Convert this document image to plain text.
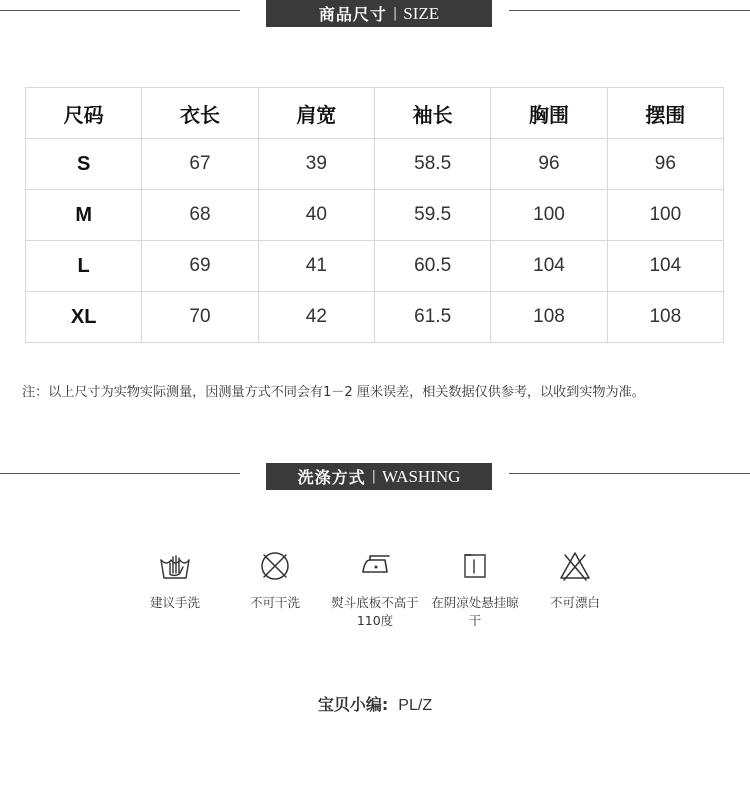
商品尺寸 | SIZE
尺码	衣长	肩宽	袖长	胸围	摆围
S	67	39	58.5	96	96
M	68	40	59.5	100	100
L	69	41	60.5	104	104
XL	70	42	61.5	108	108

注：以上尺寸为实物实际测量，因测量方式不同会有1－2 厘米误差，相关数据仅供参考，以收到实物为准。

洗涤方式 | WASHING
建议手洗	不可干洗	熨斗底板不高于110度
在阴凉处悬挂晾干
不可漂白
宝贝小编: PL/Z
